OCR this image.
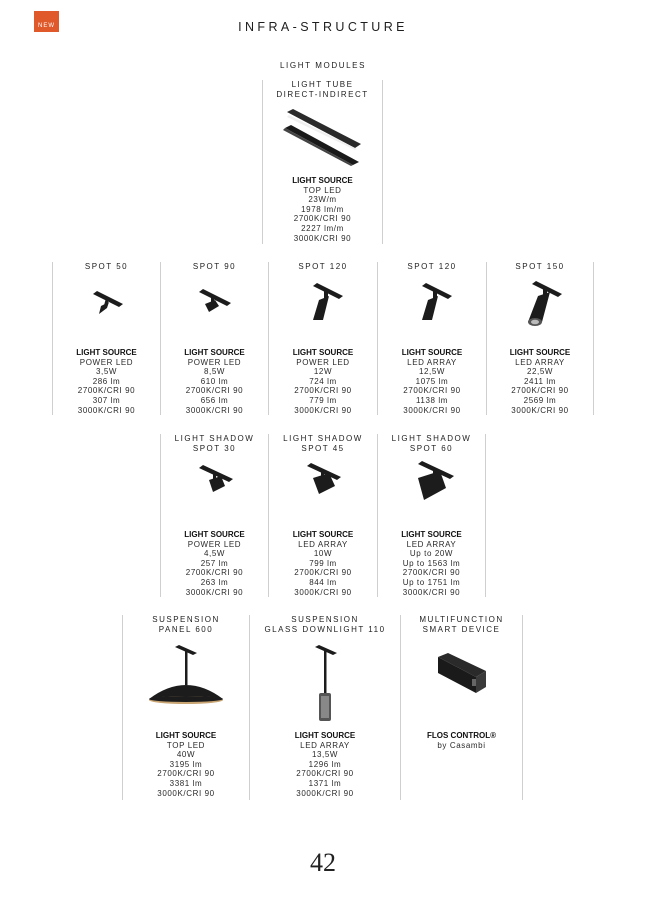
NEW	INFRA-STRUCTURE
LIGHT MODULES
LIGHT TUBE
DIRECT-INDIRECT
LIGHT SOURCE
TOP LED
23W/m
1978 lm/m
2700K/CRI 90
2227 lm/m
3000K/CRI 90
SPOT 50
LIGHT SOURCE
POWER LED
3,5W
286 lm
2700K/CRI 90
307 lm
3000K/CRI 90
SPOT 90
LIGHT SOURCE
POWER LED
8,5W
610 lm
2700K/CRI 90
656 lm
3000K/CRI 90
SPOT 120
LIGHT SOURCE
POWER LED
12W
724 lm
2700K/CRI 90
779 lm
3000K/CRI 90
SPOT 120
LIGHT SOURCE
LED ARRAY
12,5W
1075 lm
2700K/CRI 90
1138 lm
3000K/CRI 90
SPOT 150
LIGHT SOURCE
LED ARRAY
22,5W
2411 lm
2700K/CRI 90
2569 lm
3000K/CRI 90
LIGHT SHADOW
SPOT 30
LIGHT SOURCE
POWER LED
4,5W
257 lm
2700K/CRI 90
263 lm
3000K/CRI 90
LIGHT SHADOW
SPOT 45
LIGHT SOURCE
LED ARRAY
10W
799 lm
2700K/CRI 90
844 lm
3000K/CRI 90
LIGHT SHADOW
SPOT 60
LIGHT SOURCE
LED ARRAY
Up to 20W
Up to 1563 lm
2700K/CRI 90
Up to 1751 lm
3000K/CRI 90
SUSPENSION
PANEL 600
LIGHT SOURCE
TOP LED
40W
3195 lm
2700K/CRI 90
3381 lm
3000K/CRI 90
SUSPENSION
GLASS DOWNLIGHT 110
LIGHT SOURCE
LED ARRAY
13,5W
1296 lm
2700K/CRI 90
1371 lm
3000K/CRI 90
MULTIFUNCTION
SMART DEVICE
FLOS CONTROL®
by Casambi
42
